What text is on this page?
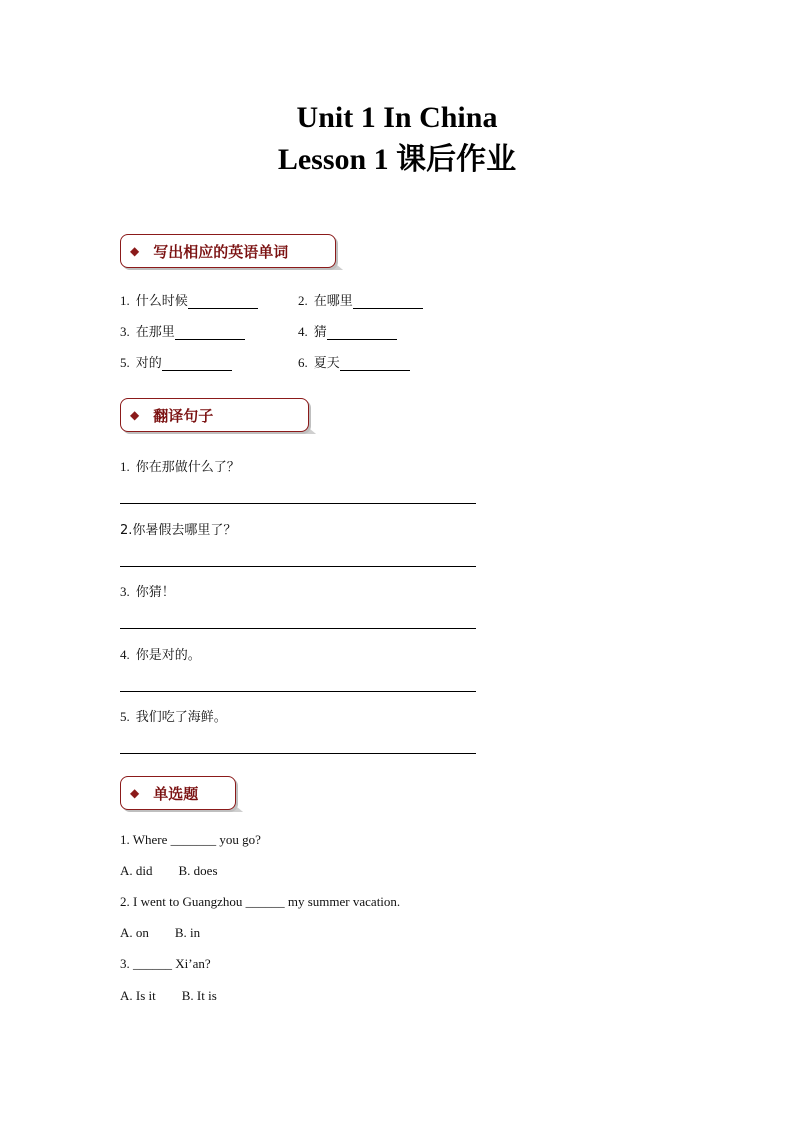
Unit 1 In China
Lesson 1 课后作业
◆ 写出相应的英语单词
1. 什么时候	2. 在哪里
3. 在那里	4. 猜
5. 对的	6. 夏天
◆ 翻译句子
1. 你在那做什么了？
2.你暑假去哪里了？
3. 你猜！
4. 你是对的。
5. 我们吃了海鲜。
◆ 单选题
1. Where _______ you go?
A. did        B. does
2. I went to Guangzhou ______ my summer vacation.
A. on        B. in
3. ______ Xi’an?
A. Is it        B. It is
